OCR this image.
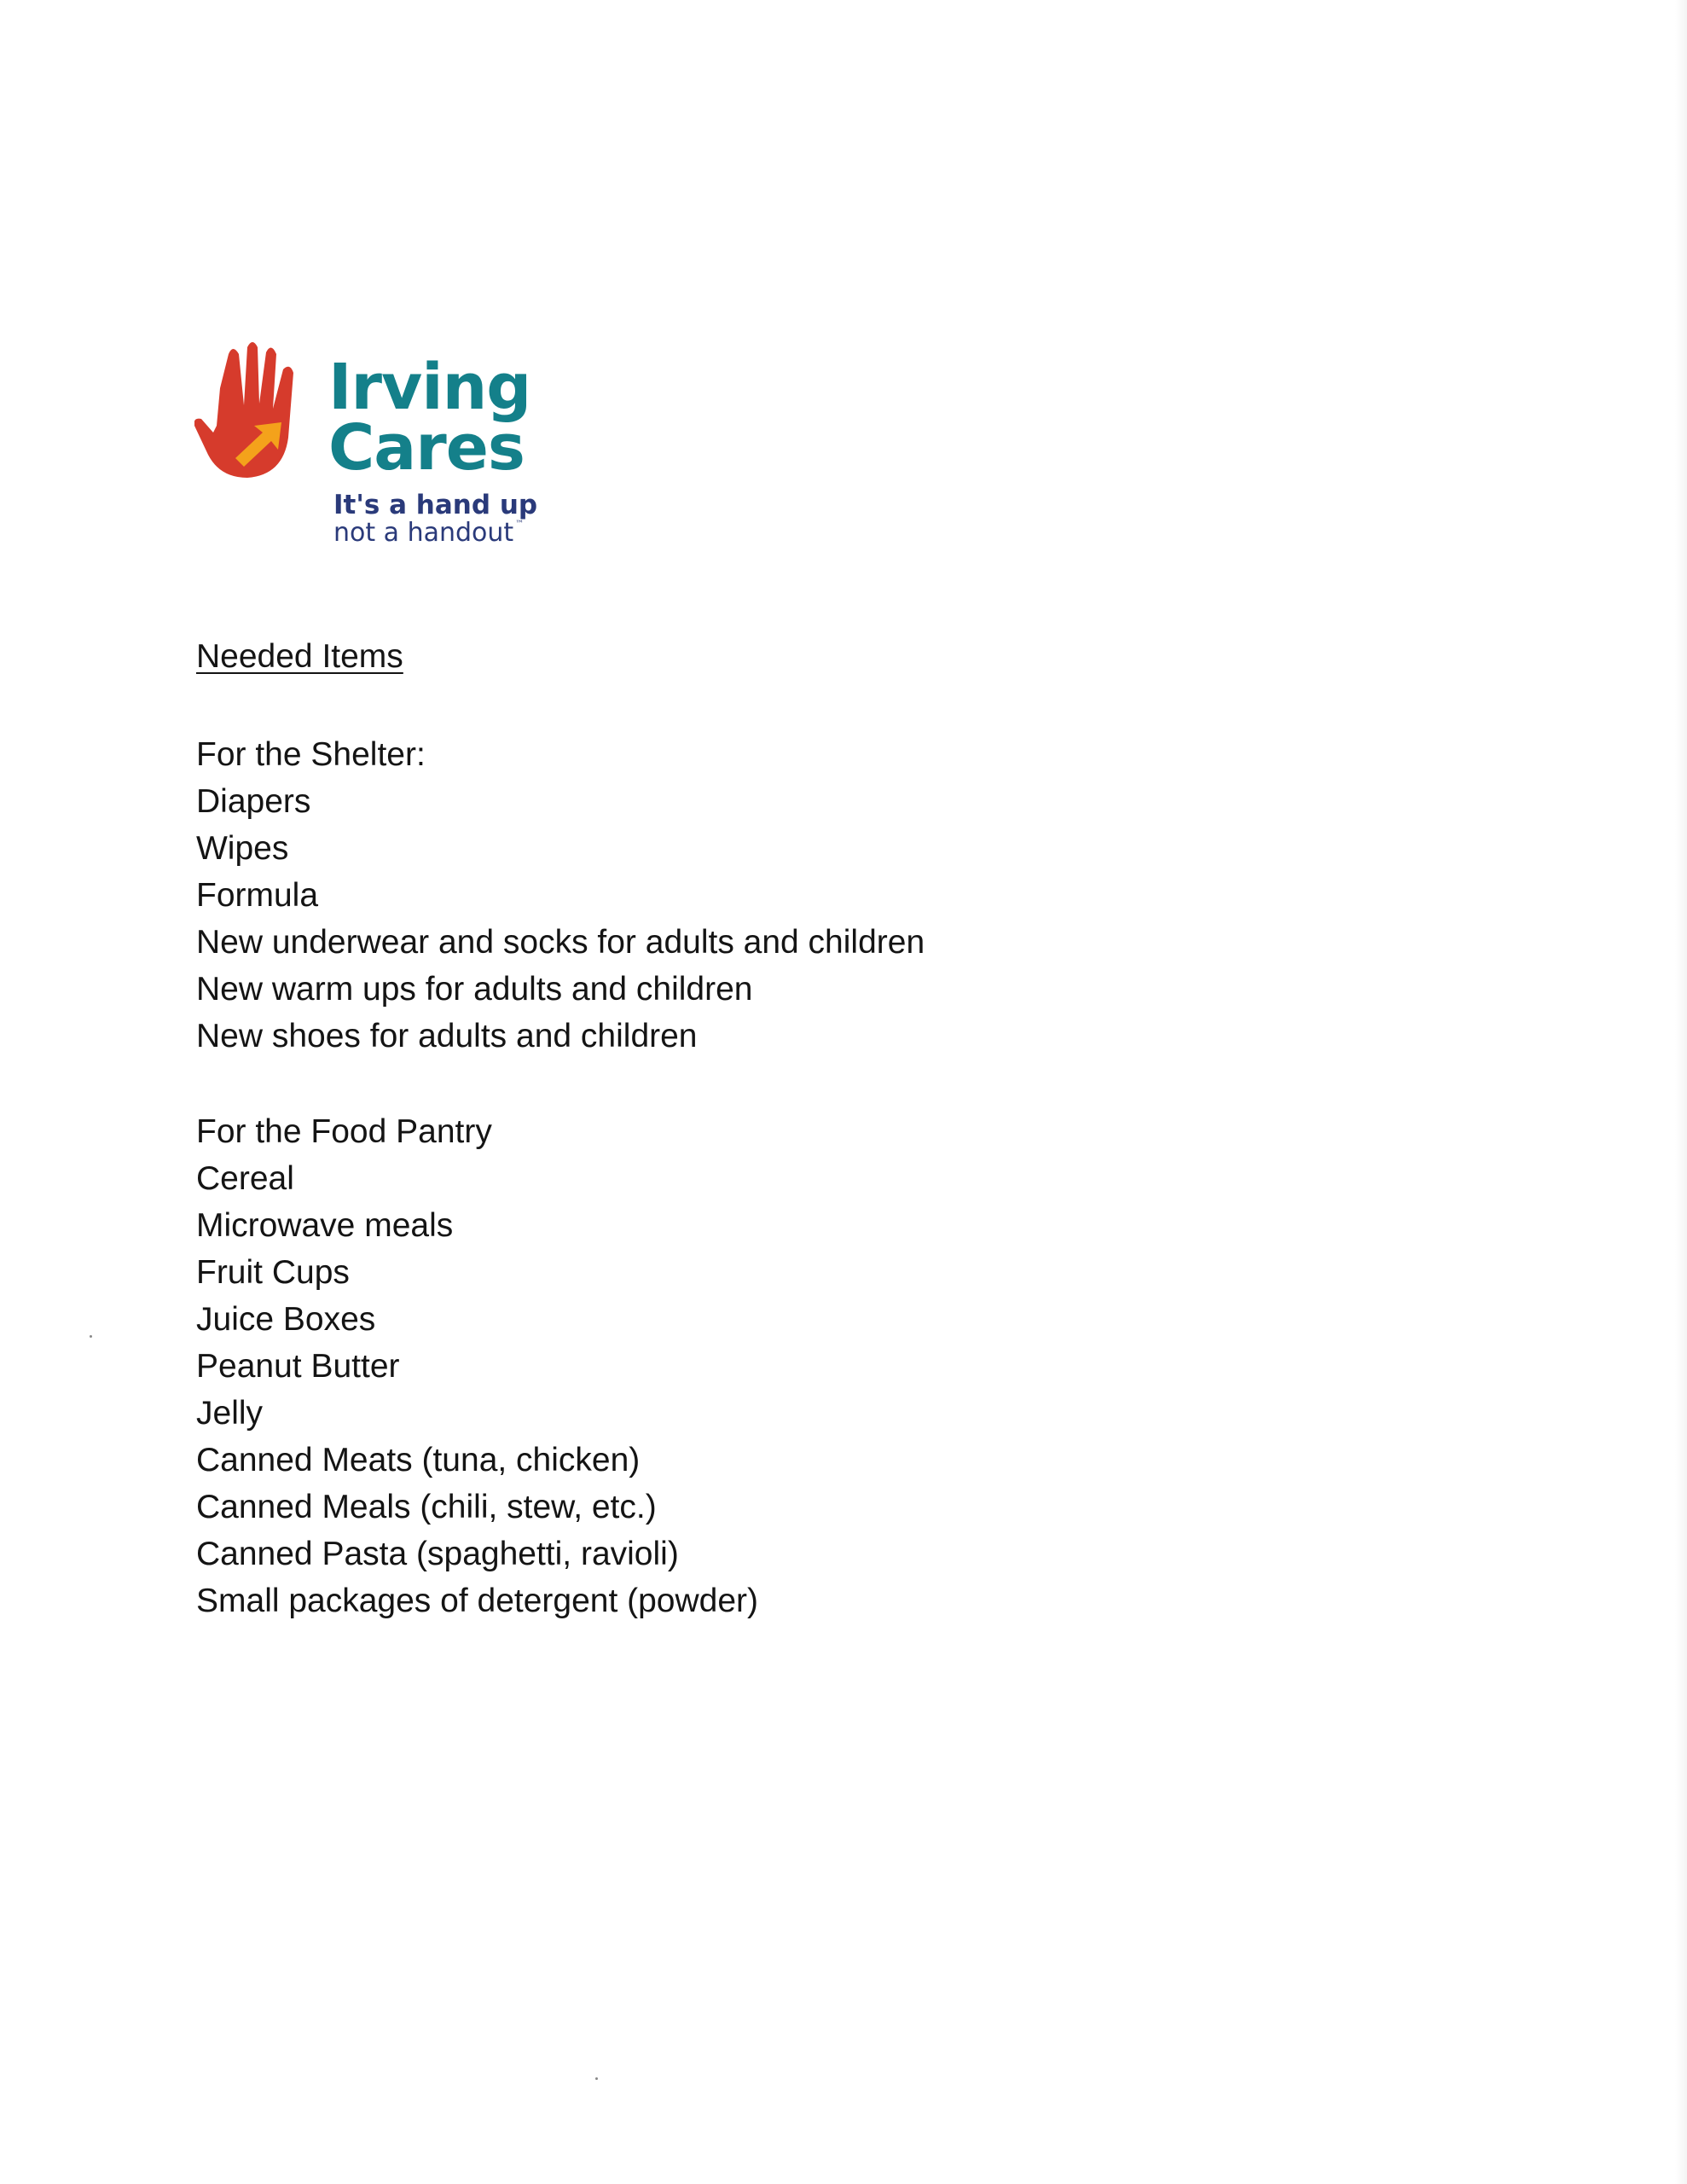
Irving
Cares
It's a hand up
not a handout ™
Needed Items
For the Shelter:
Diapers
Wipes
Formula
New underwear and socks for adults and children
New warm ups for adults and children
New shoes for adults and children
For the Food Pantry
Cereal
Microwave meals
Fruit Cups
Juice Boxes
Peanut Butter
Jelly
Canned Meats (tuna, chicken)
Canned Meals (chili, stew, etc.)
Canned Pasta (spaghetti, ravioli)
Small packages of detergent (powder)
